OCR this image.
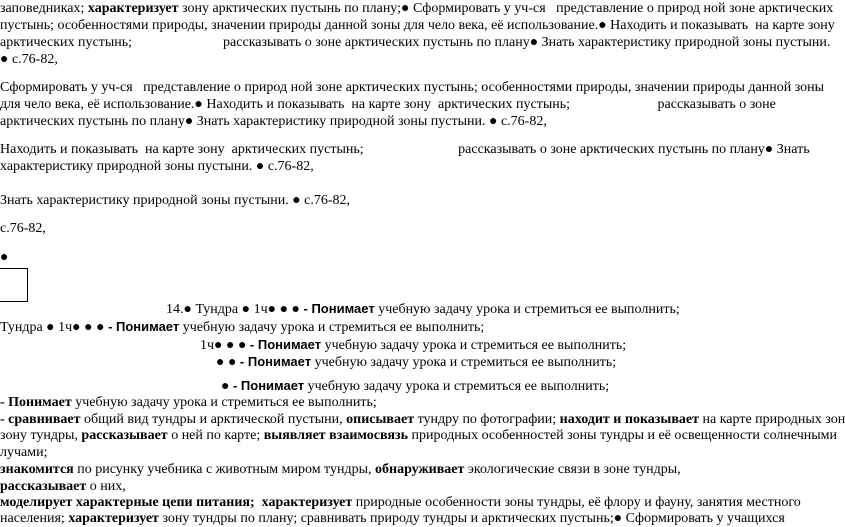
заповедниках; характеризует зону арктических пустынь по плану;● Сформировать у уч-ся   представление о природ ной зоне арктических
пустынь; особенностями природы, значении природы данной зоны для чело века, её использование.● Находить и показывать  на карте зону
арктических пустынь;                          рассказывать о зоне арктических пустынь по плану● Знать характеристику природной зоны пустыни.
● с.76-82,
Сформировать у уч-ся   представление о природ ной зоне арктических пустынь; особенностями природы, значении природы данной зоны
для чело века, её использование.● Находить и показывать  на карте зону  арктических пустынь;                         рассказывать о зоне
арктических пустынь по плану● Знать характеристику природной зоны пустыни. ● с.76-82,
Находить и показывать  на карте зону  арктических пустынь;                           рассказывать о зоне арктических пустынь по плану● Знать
характеристику природной зоны пустыни. ● с.76-82,
Знать характеристику природной зоны пустыни. ● с.76-82,
с.76-82,
●
14.● Тундра ● 1ч● ● ● - Понимает учебную задачу урока и стремиться ее выполнить;
Тундра ● 1ч● ● ● - Понимает учебную задачу урока и стремиться ее выполнить;
1ч● ● ● - Понимает учебную задачу урока и стремиться ее выполнить;
● ● - Понимает учебную задачу урока и стремиться ее выполнить;
● - Понимает учебную задачу урока и стремиться ее выполнить;
- Понимает учебную задачу урока и стремиться ее выполнить;
- сравнивает общий вид тундры и арктической пустыни, описывает тундру по фотографии; находит и показывает на карте природных зон
зону тундры, рассказывает о ней по карте; выявляет взаимосвязь природных особенностей зоны тундры и её освещенности солнечными
лучами;
знакомится по рисунку учебника с животным миром тундры, обнаруживает экологические связи в зоне тундры,
рассказывает о них,
моделирует характерные цепи питания; характеризует природные особенности зоны тундры, её флору и фауну, занятия местного
населения; характеризует зону тундры по плану; сравнивать природу тундры и арктических пустынь;● Сформировать у учащихся
